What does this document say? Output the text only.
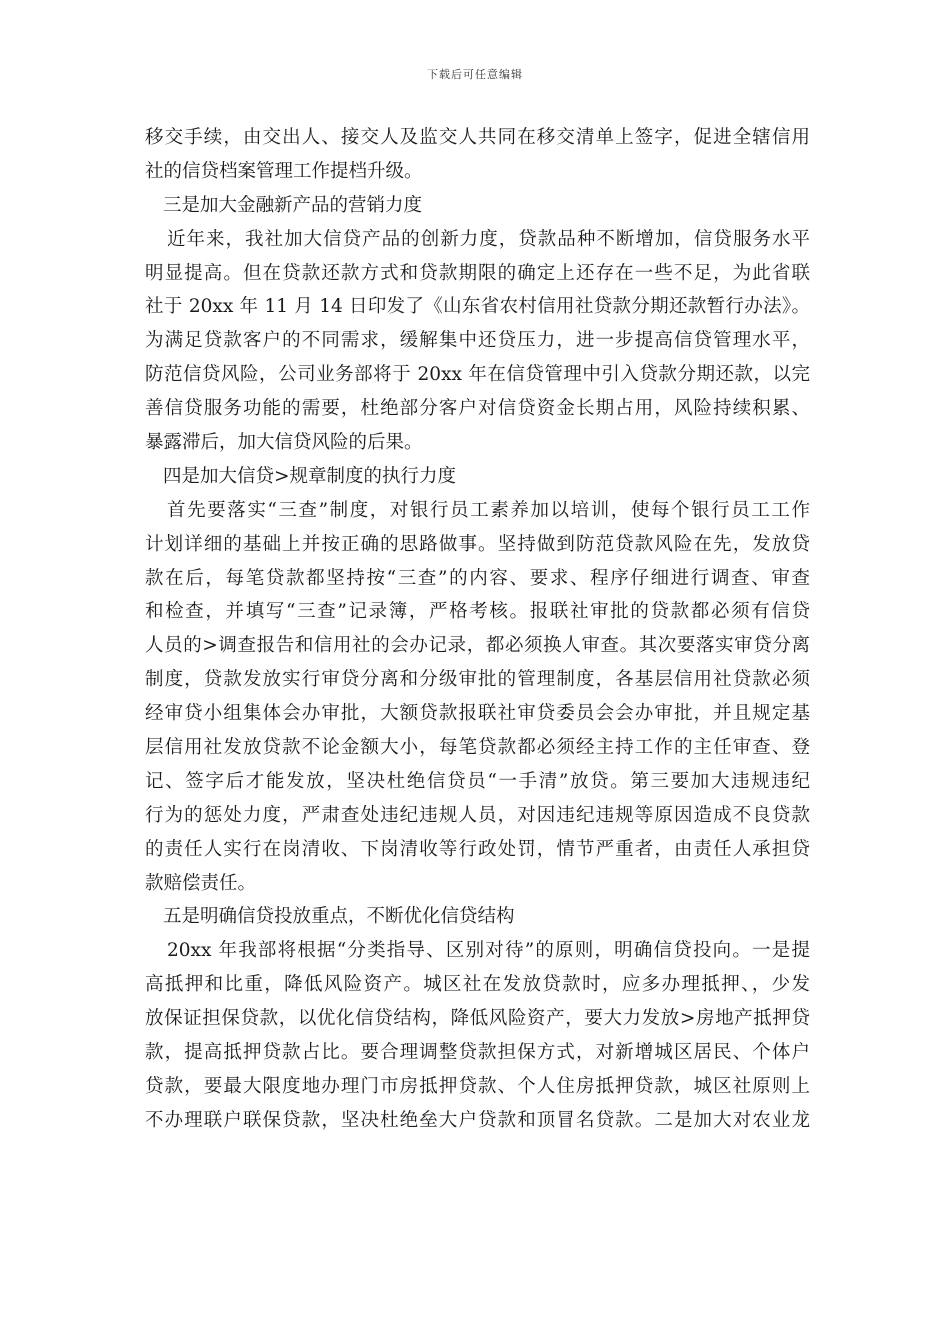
下载后可任意编辑
移交手续，由交出人、接交人及监交人共同在移交清单上签字，促进全辖信用
社的信贷档案管理工作提档升级。
三是加大金融新产品的营销力度
近年来，我社加大信贷产品的创新力度，贷款品种不断增加，信贷服务水平
明显提高。但在贷款还款方式和贷款期限的确定上还存在一些不足，为此省联
社于 20xx 年 11 月 14 日印发了《山东省农村信用社贷款分期还款暂行办法》。
为满足贷款客户的不同需求，缓解集中还贷压力，进一步提高信贷管理水平，
防范信贷风险，公司业务部将于 20xx 年在信贷管理中引入贷款分期还款，以完
善信贷服务功能的需要，杜绝部分客户对信贷资金长期占用，风险持续积累、
暴露滞后，加大信贷风险的后果。
四是加大信贷>规章制度的执行力度
首先要落实“三查”制度，对银行员工素养加以培训，使每个银行员工工作
计划详细的基础上并按正确的思路做事。坚持做到防范贷款风险在先，发放贷
款在后，每笔贷款都坚持按“三查”的内容、要求、程序仔细进行调查、审查
和检查，并填写“三查”记录簿，严格考核。报联社审批的贷款都必须有信贷
人员的>调查报告和信用社的会办记录，都必须换人审查。其次要落实审贷分离
制度，贷款发放实行审贷分离和分级审批的管理制度，各基层信用社贷款必须
经审贷小组集体会办审批，大额贷款报联社审贷委员会会办审批，并且规定基
层信用社发放贷款不论金额大小，每笔贷款都必须经主持工作的主任审查、登
记、签字后才能发放，坚决杜绝信贷员“一手清”放贷。第三要加大违规违纪
行为的惩处力度，严肃查处违纪违规人员，对因违纪违规等原因造成不良贷款
的责任人实行在岗清收、下岗清收等行政处罚，情节严重者，由责任人承担贷
款赔偿责任。
五是明确信贷投放重点，不断优化信贷结构
20xx 年我部将根据“分类指导、区别对待”的原则，明确信贷投向。一是提
高抵押和比重，降低风险资产。城区社在发放贷款时，应多办理抵押、，少发
放保证担保贷款，以优化信贷结构，降低风险资产，要大力发放>房地产抵押贷
款，提高抵押贷款占比。要合理调整贷款担保方式，对新增城区居民、个体户
贷款，要最大限度地办理门市房抵押贷款、个人住房抵押贷款，城区社原则上
不办理联户联保贷款，坚决杜绝垒大户贷款和顶冒名贷款。二是加大对农业龙
